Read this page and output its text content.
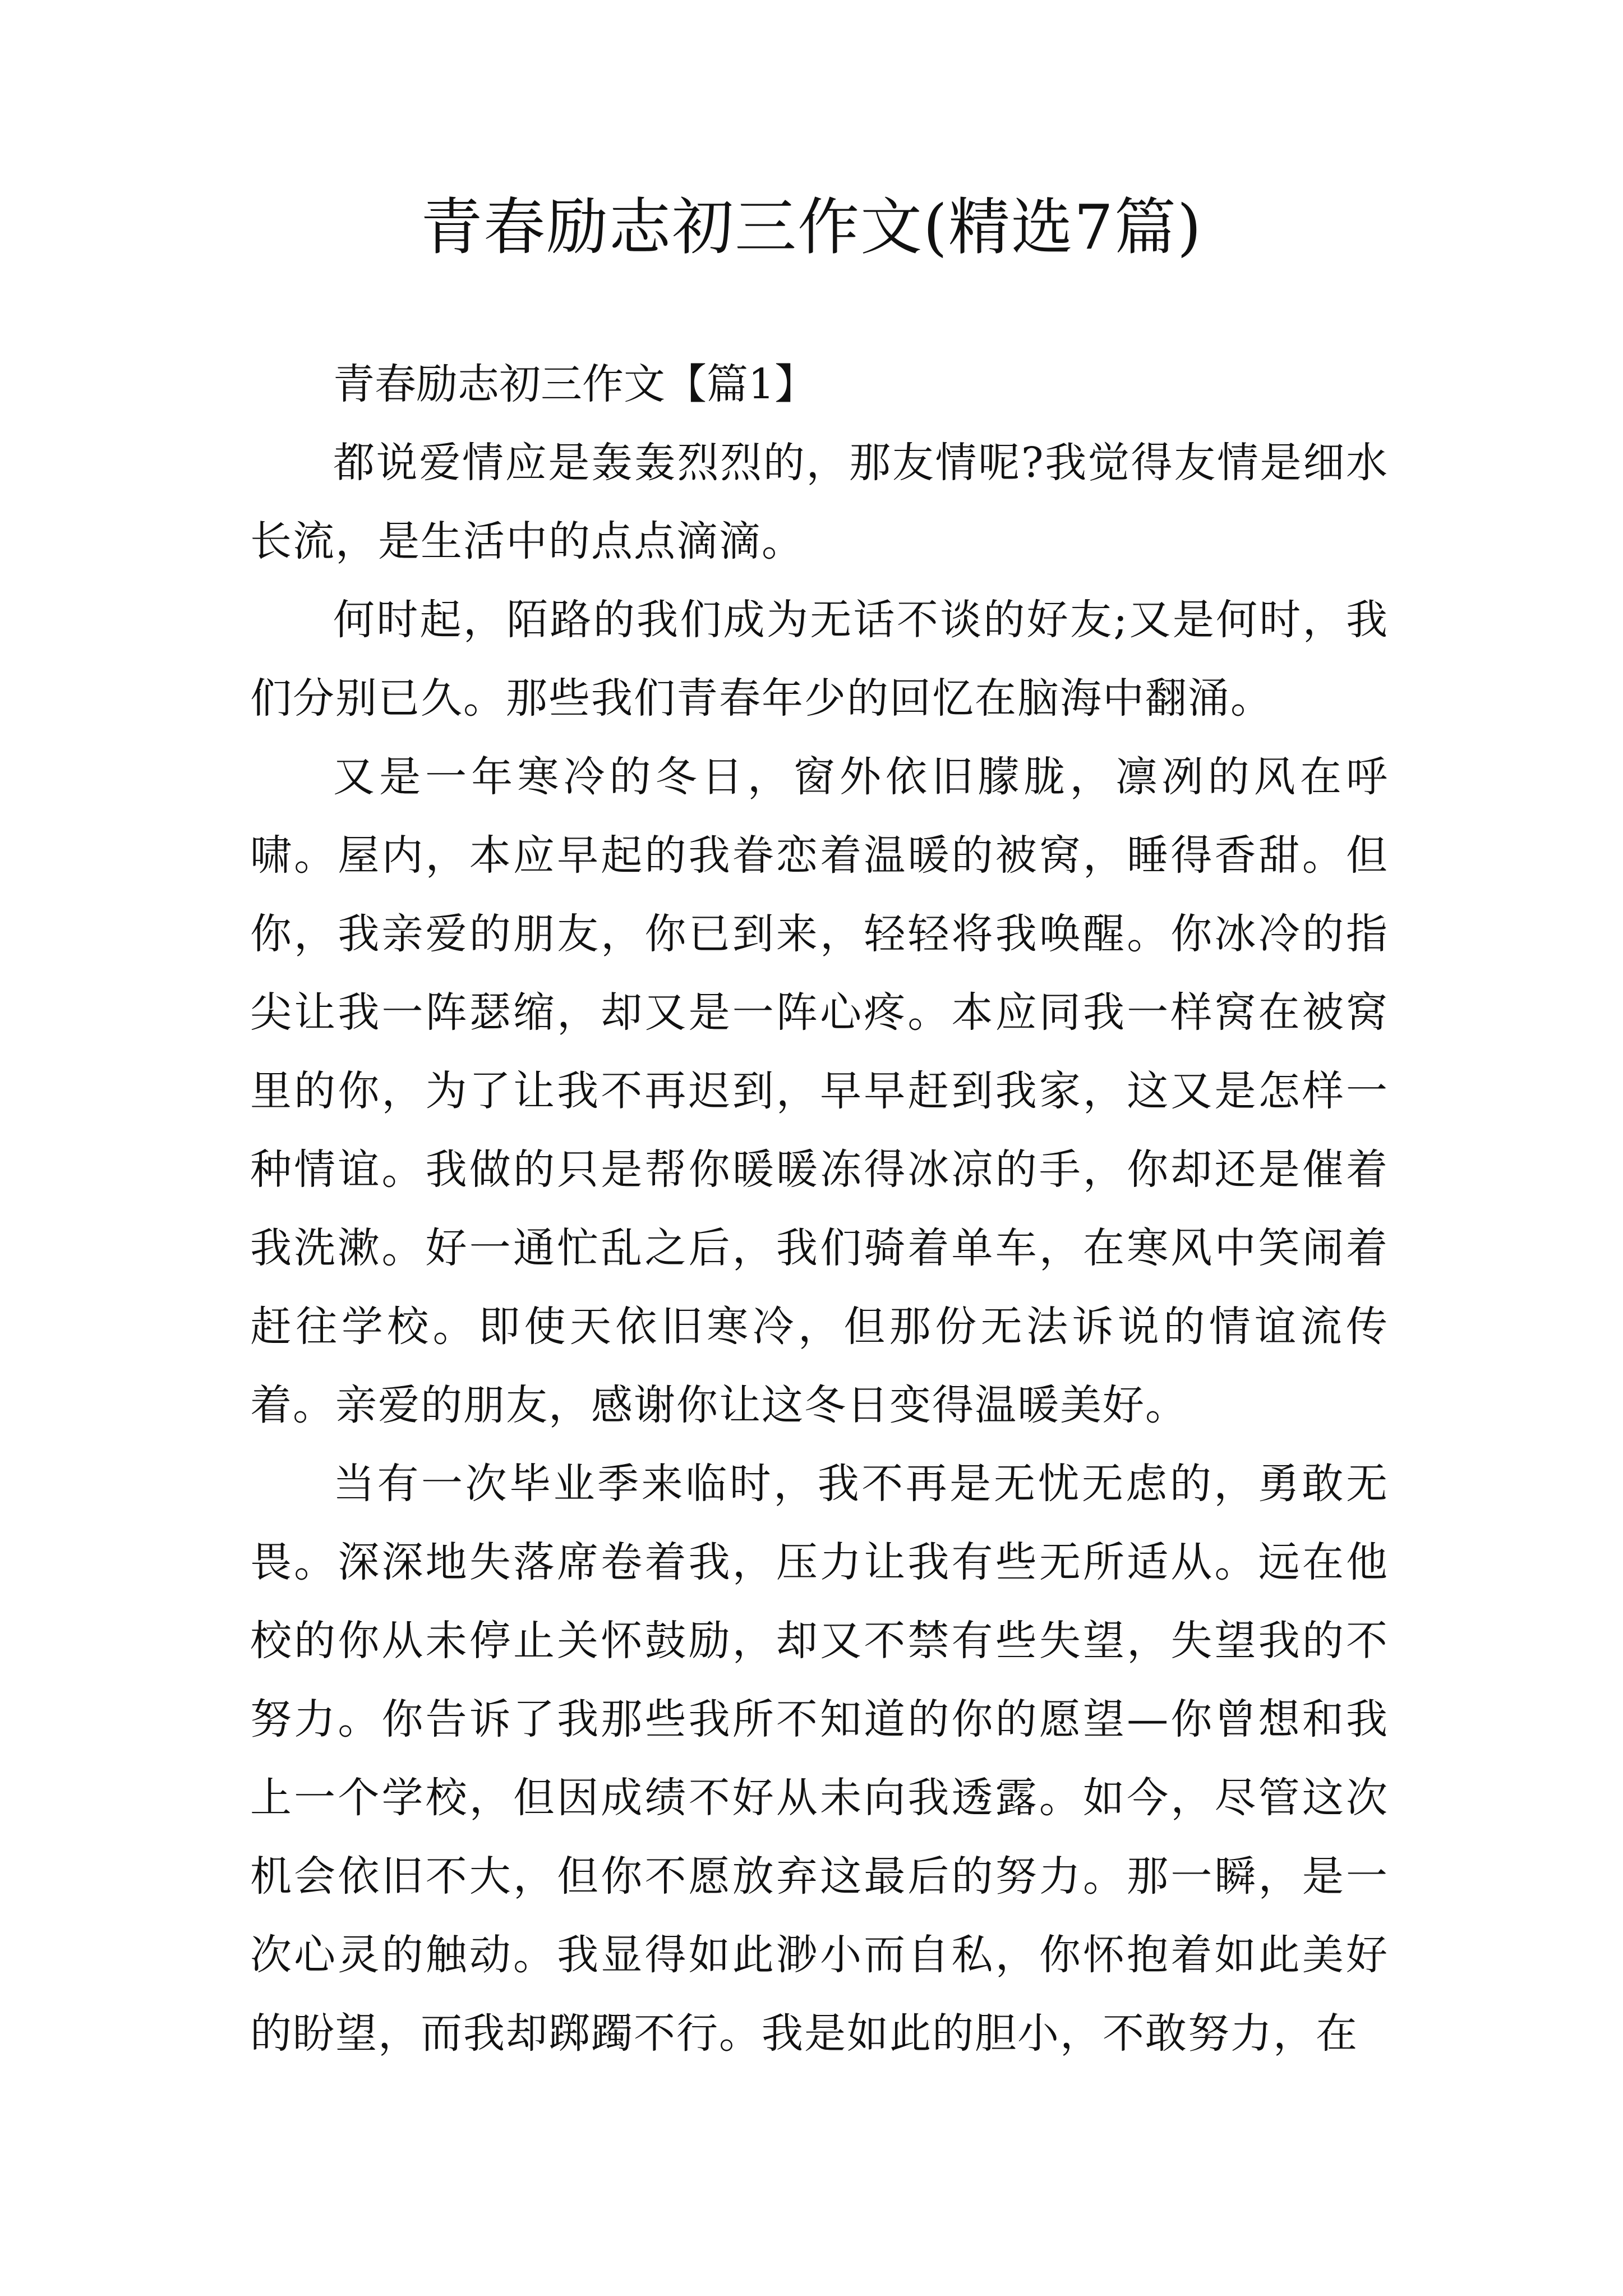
青春励志初三作文(精选7篇)

青春励志初三作文【篇1】

都说爱情应是轰轰烈烈的，那友情呢?我觉得友情是细水长流，是生活中的点点滴滴。

何时起，陌路的我们成为无话不谈的好友;又是何时，我们分别已久。那些我们青春年少的回忆在脑海中翻涌。

又是一年寒冷的冬日，窗外依旧朦胧，凛冽的风在呼啸。屋内，本应早起的我眷恋着温暖的被窝，睡得香甜。但你，我亲爱的朋友，你已到来，轻轻将我唤醒。你冰冷的指尖让我一阵瑟缩，却又是一阵心疼。本应同我一样窝在被窝里的你，为了让我不再迟到，早早赶到我家，这又是怎样一种情谊。我做的只是帮你暖暖冻得冰凉的手，你却还是催着我洗漱。好一通忙乱之后，我们骑着单车，在寒风中笑闹着赶往学校。即使天依旧寒冷，但那份无法诉说的情谊流传着。亲爱的朋友，感谢你让这冬日变得温暖美好。

当有一次毕业季来临时，我不再是无忧无虑的，勇敢无畏。深深地失落席卷着我，压力让我有些无所适从。远在他校的你从未停止关怀鼓励，却又不禁有些失望，失望我的不努力。你告诉了我那些我所不知道的你的愿望—你曾想和我上一个学校，但因成绩不好从未向我透露。如今，尽管这次机会依旧不大，但你不愿放弃这最后的努力。那一瞬，是一次心灵的触动。我显得如此渺小而自私，你怀抱着如此美好的盼望，而我却踯躅不行。我是如此的胆小，不敢努力，在
